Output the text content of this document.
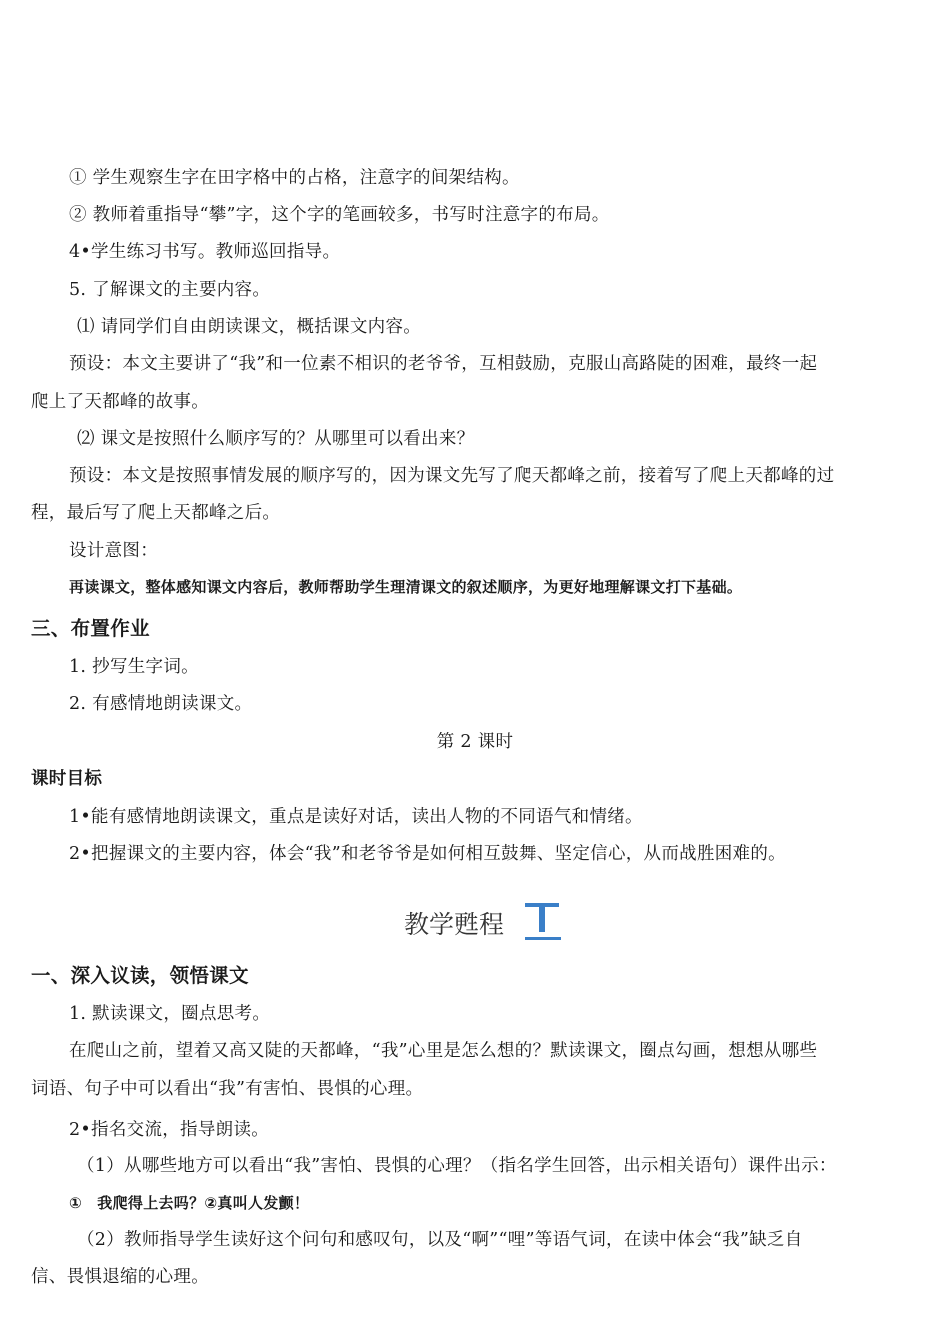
① 学生观察生字在田字格中的占格，注意字的间架结构。
② 教师着重指导“攀”字，这个字的笔画较多，书写时注意字的布局。
4•学生练习书写。教师巡回指导。
5. 了解课文的主要内容。
⑴ 请同学们自由朗读课文，概括课文内容。
预设：本文主要讲了“我”和一位素不相识的老爷爷，互相鼓励，克服山高路陡的困难，最终一起
爬上了天都峰的故事。
⑵ 课文是按照什么顺序写的？从哪里可以看出来？
预设：本文是按照事情发展的顺序写的，因为课文先写了爬天都峰之前，接着写了爬上天都峰的过
程，最后写了爬上天都峰之后。
设计意图：
再读课文，整体感知课文内容后，教师帮助学生理清课文的叙述顺序，为更好地理解课文打下基础。
三、布置作业
1. 抄写生字词。
2. 有感情地朗读课文。
第 2 课时
课时目标
1•能有感情地朗读课文，重点是读好对话，读出人物的不同语气和情绪。
2•把握课文的主要内容，体会“我”和老爷爷是如何相互鼓舞、坚定信心，从而战胜困难的。
教学甦程
一、深入议读，领悟课文
1. 默读课文，圈点思考。
在爬山之前，望着又高又陡的天都峰，“我”心里是怎么想的？默读课文，圈点勾画，想想从哪些
词语、句子中可以看出“我”有害怕、畏惧的心理。
2•指名交流，指导朗读。
（1）从哪些地方可以看出“我”害怕、畏惧的心理？（指名学生回答，出示相关语句）课件出示：
①　我爬得上去吗？②真叫人发颤！
（2）教师指导学生读好这个问句和感叹句，以及“啊”“哩”等语气词，在读中体会“我”缺乏自
信、畏惧退缩的心理。
